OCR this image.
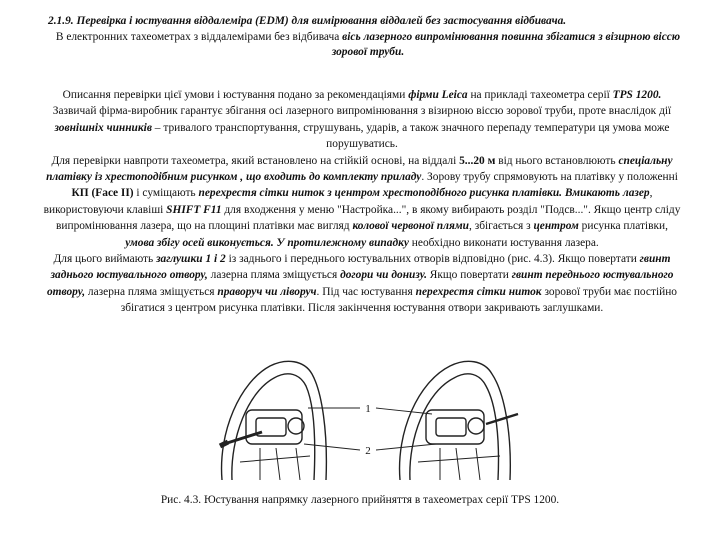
2.1.9. Перевірка і юстування віддалеміра (EDM) для вимірювання віддалей без застосування відбивача.
В електронних тахеометрах з віддалемірами без відбивача вісь лазерного випромінювання повинна збігатися з візирною віссю зорової труби.

Описання перевірки цієї умови і юстування подано за рекомендаціями фірми Leica на прикладі тахеометра серії TPS 1200. Зазвичай фірма-виробник гарантує збігання осі лазерного випромінювання з візирною віссю зорової труби, проте внаслідок дії зовнішніх чинників – тривалого транспортування, струшувань, ударів, а також значного перепаду температури ця умова може порушуватись.

Для перевірки навпроти тахеометра, який встановлено на стійкій основі, на віддалі 5...20 м від нього встановлюють спеціальну платівку із хрестоподібним рисунком , що входить до комплекту приладу. Зорову трубу спрямовують на платівку у положенні КП (Face II) і суміщають перехрестя сітки ниток з центром хрестоподібного рисунка платівки. Вмикають лазер, використовуючи клавіші SHIFT F11 для входження у меню "Настройка...", в якому вибирають розділ "Подсв...". Якщо центр сліду випромінювання лазера, що на площині платівки має вигляд колової червоної плями, збігається з центром рисунка платівки, умова збігу осей виконується. У протилежному випадку необхідно виконати юстування лазера.

Для цього виймають заглушки 1 і 2 із заднього і переднього юстувальних отворів відповідно (рис. 4.3). Якщо повертати гвинт заднього юстувального отвору, лазерна пляма зміщується догори чи донизу. Якщо повертати гвинт переднього юстувального отвору, лазерна пляма зміщується праворуч чи ліворуч. Під час юстування перехрестя сітки ниток зорової труби має постійно збігатися з центром рисунка платівки. Після закінчення юстування отвори закривають заглушками.

1
2
Рис. 4.3. Юстування напрямку лазерного прийняття в тахеометрах серії TPS 1200.
